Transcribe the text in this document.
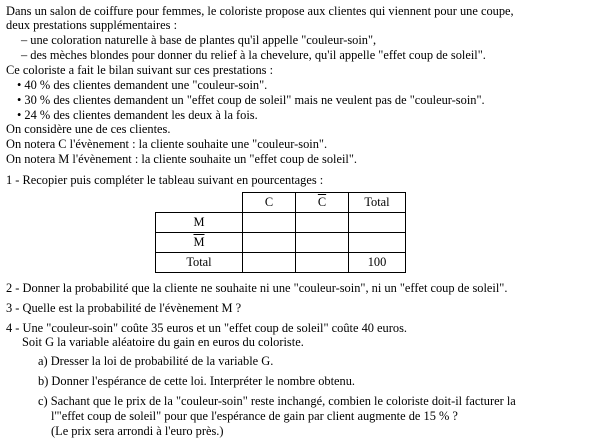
Dans un salon de coiffure pour femmes, le coloriste propose aux clientes qui viennent pour une coupe,
deux prestations supplémentaires :
– une coloration naturelle à base de plantes qu'il appelle "couleur-soin",
– des mèches blondes pour donner du relief à la chevelure, qu'il appelle "effet coup de soleil".
Ce coloriste a fait le bilan suivant sur ces prestations :
• 40 % des clientes demandent une "couleur-soin".
• 30 % des clientes demandent un "effet coup de soleil" mais ne veulent pas de "couleur-soin".
• 24 % des clientes demandent les deux à la fois.
On considère une de ces clientes.
On notera C l'évènement : la cliente souhaite une "couleur-soin".
On notera M l'évènement : la cliente souhaite un "effet coup de soleil".
1 - Recopier puis compléter le tableau suivant en pourcentages :
	C	$\overline{C}$	Total
M			
$\overline{M}$			
Total			100
2 - Donner la probabilité que la cliente ne souhaite ni une "couleur-soin", ni un "effet coup de soleil".
3 - Quelle est la probabilité de l'évènement M ?
4 - Une "couleur-soin" coûte 35 euros et un "effet coup de soleil" coûte 40 euros.
Soit G la variable aléatoire du gain en euros du coloriste.
a) Dresser la loi de probabilité de la variable G.
b) Donner l'espérance de cette loi. Interpréter le nombre obtenu.
c) Sachant que le prix de la "couleur-soin" reste inchangé, combien le coloriste doit-il facturer la
l'"effet coup de soleil" pour que l'espérance de gain par client augmente de 15 % ?
(Le prix sera arrondi à l'euro près.)
